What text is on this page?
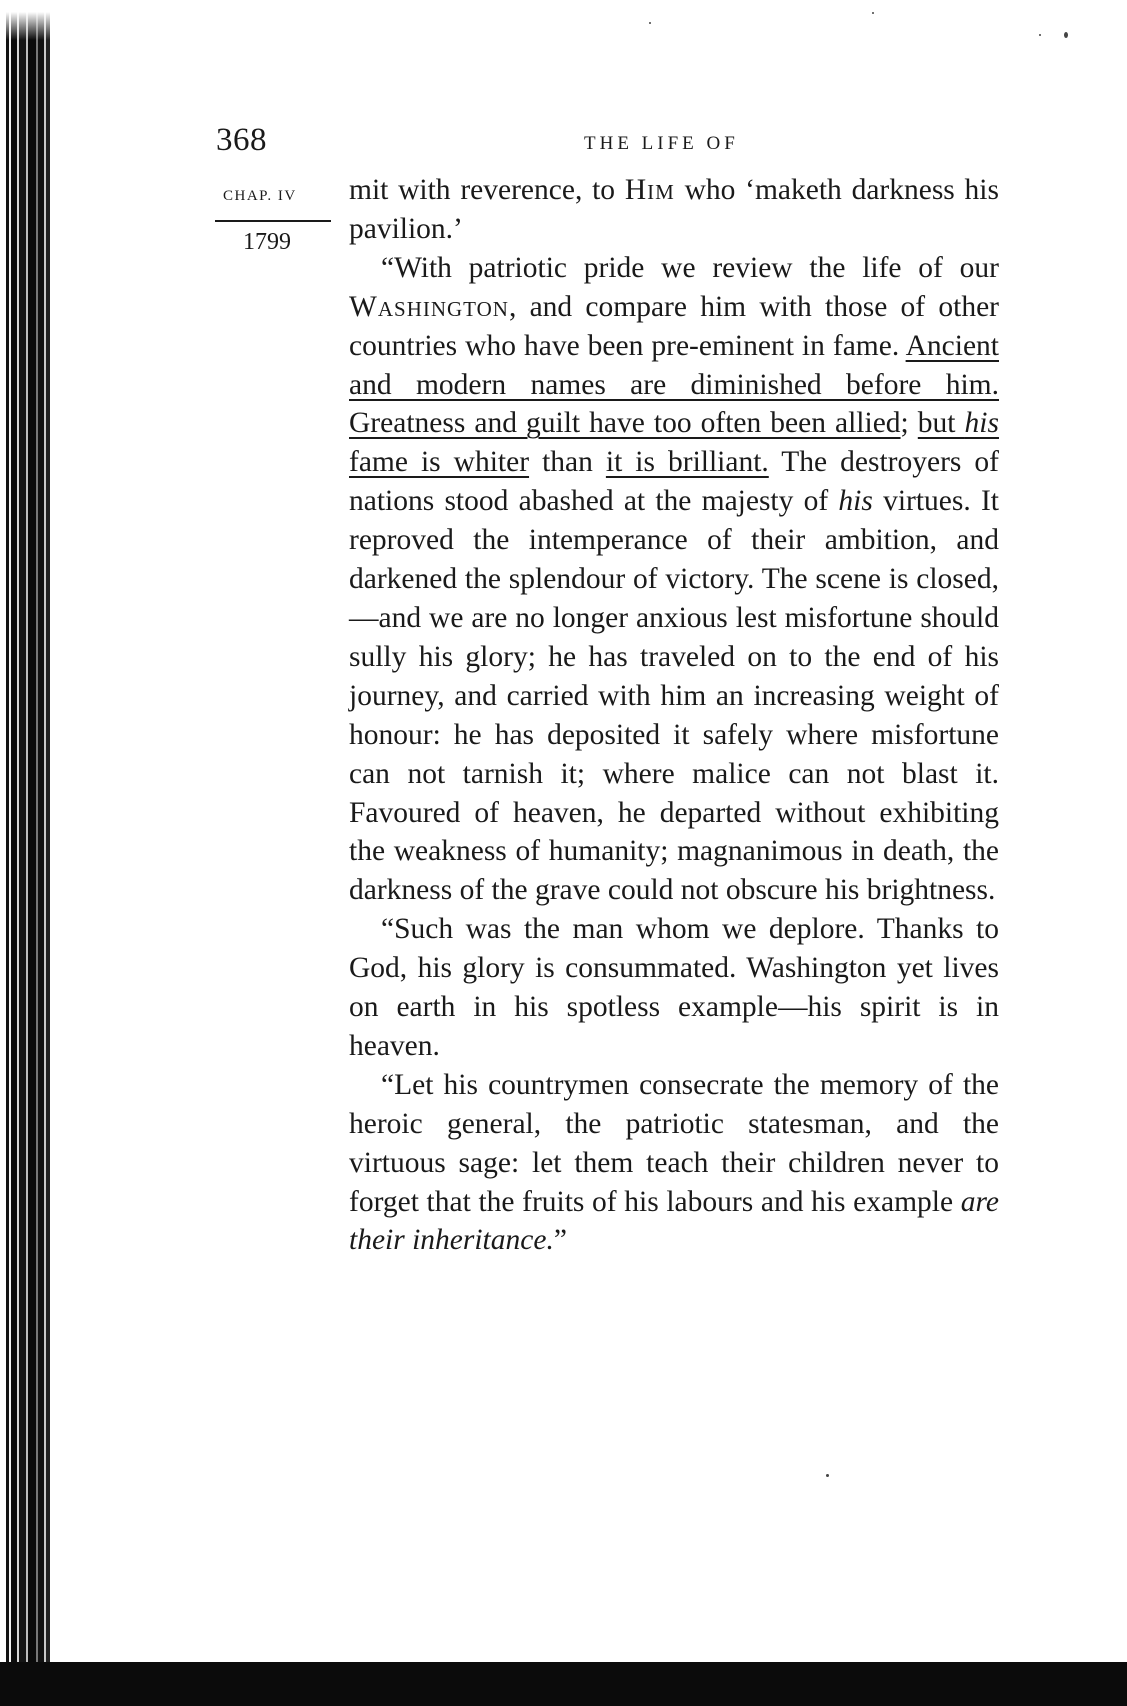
368	THE LIFE OF
CHAP. IV
1799

mit with reverence, to Him who ‘maketh darkness his pavilion.’

“With patriotic pride we review the life of our Washington, and compare him with those of other countries who have been pre-eminent in fame. Ancient and modern names are diminished before him. Greatness and guilt have too often been allied; but his fame is whiter than it is brilliant. The destroyers of nations stood abashed at the majesty of his virtues. It reproved the intemperance of their ambition, and darkened the splendour of victory. The scene is closed,—and we are no longer anxious lest misfortune should sully his glory; he has traveled on to the end of his journey, and carried with him an increasing weight of honour: he has deposited it safely where misfortune can not tarnish it; where malice can not blast it. Favoured of heaven, he departed without exhibiting the weakness of humanity; magnanimous in death, the darkness of the grave could not obscure his brightness.

“Such was the man whom we deplore. Thanks to God, his glory is consummated. Washington yet lives on earth in his spotless example—his spirit is in heaven.

“Let his countrymen consecrate the memory of the heroic general, the patriotic statesman, and the virtuous sage: let them teach their children never to forget that the fruits of his labours and his example are their inheritance.”
